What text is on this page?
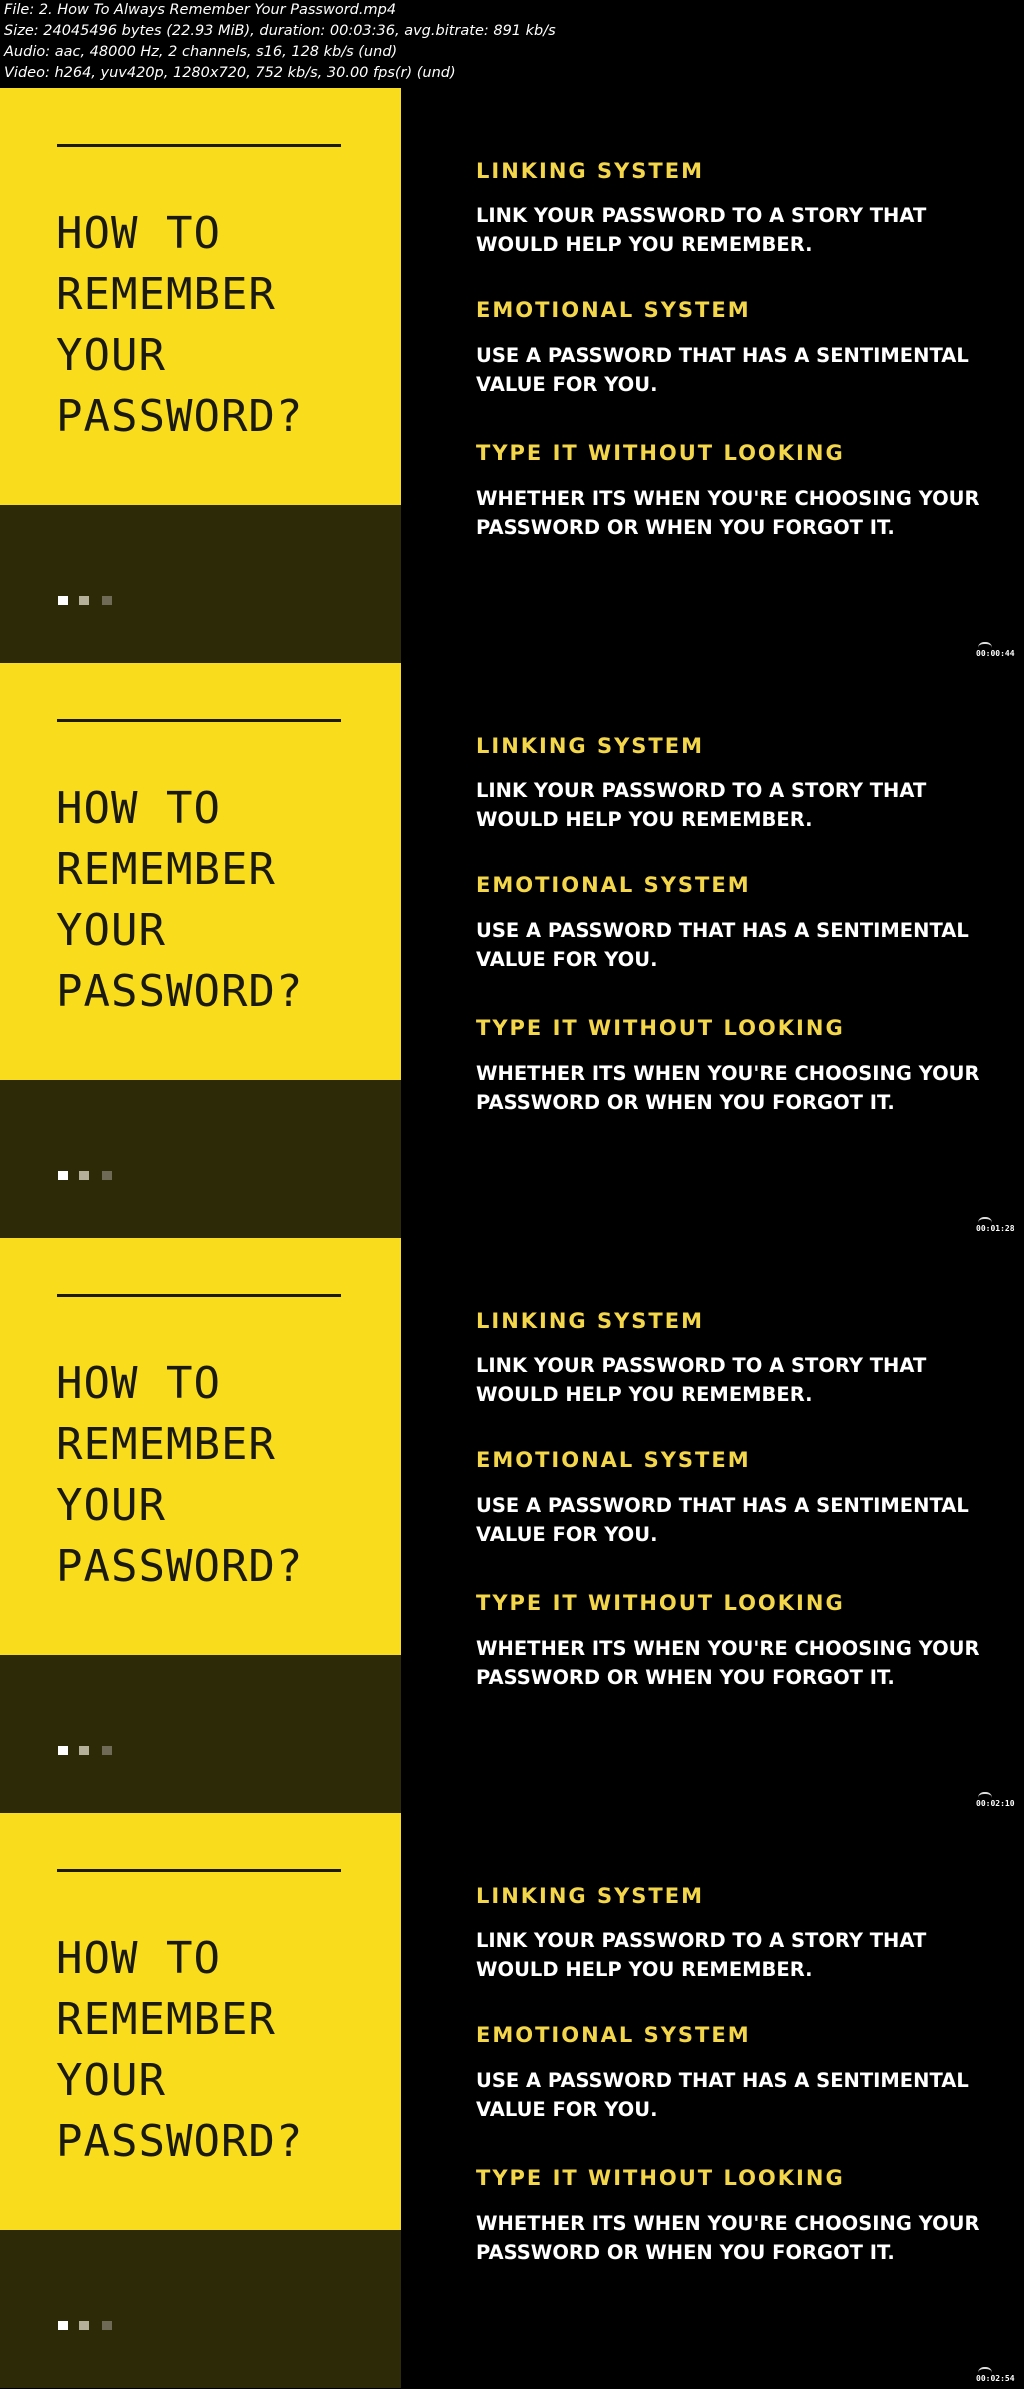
File: 2. How To Always Remember Your Password.mp4
Size: 24045496 bytes (22.93 MiB), duration: 00:03:36, avg.bitrate: 891 kb/s
Audio: aac, 48000 Hz, 2 channels, s16, 128 kb/s (und)
Video: h264, yuv420p, 1280x720, 752 kb/s, 30.00 fps(r) (und)
HOW TO
REMEMBER
YOUR
PASSWORD?
LINKING SYSTEM
LINK YOUR PASSWORD TO A STORY THAT
WOULD HELP YOU REMEMBER.
EMOTIONAL SYSTEM
USE A PASSWORD THAT HAS A SENTIMENTAL
VALUE FOR YOU.
TYPE IT WITHOUT LOOKING
WHETHER ITS WHEN YOU'RE CHOOSING YOUR
PASSWORD OR WHEN YOU FORGOT IT.
00:00:44
HOW TO
REMEMBER
YOUR
PASSWORD?
LINKING SYSTEM
LINK YOUR PASSWORD TO A STORY THAT
WOULD HELP YOU REMEMBER.
EMOTIONAL SYSTEM
USE A PASSWORD THAT HAS A SENTIMENTAL
VALUE FOR YOU.
TYPE IT WITHOUT LOOKING
WHETHER ITS WHEN YOU'RE CHOOSING YOUR
PASSWORD OR WHEN YOU FORGOT IT.
00:01:28
HOW TO
REMEMBER
YOUR
PASSWORD?
LINKING SYSTEM
LINK YOUR PASSWORD TO A STORY THAT
WOULD HELP YOU REMEMBER.
EMOTIONAL SYSTEM
USE A PASSWORD THAT HAS A SENTIMENTAL
VALUE FOR YOU.
TYPE IT WITHOUT LOOKING
WHETHER ITS WHEN YOU'RE CHOOSING YOUR
PASSWORD OR WHEN YOU FORGOT IT.
00:02:10
HOW TO
REMEMBER
YOUR
PASSWORD?
LINKING SYSTEM
LINK YOUR PASSWORD TO A STORY THAT
WOULD HELP YOU REMEMBER.
EMOTIONAL SYSTEM
USE A PASSWORD THAT HAS A SENTIMENTAL
VALUE FOR YOU.
TYPE IT WITHOUT LOOKING
WHETHER ITS WHEN YOU'RE CHOOSING YOUR
PASSWORD OR WHEN YOU FORGOT IT.
00:02:54
